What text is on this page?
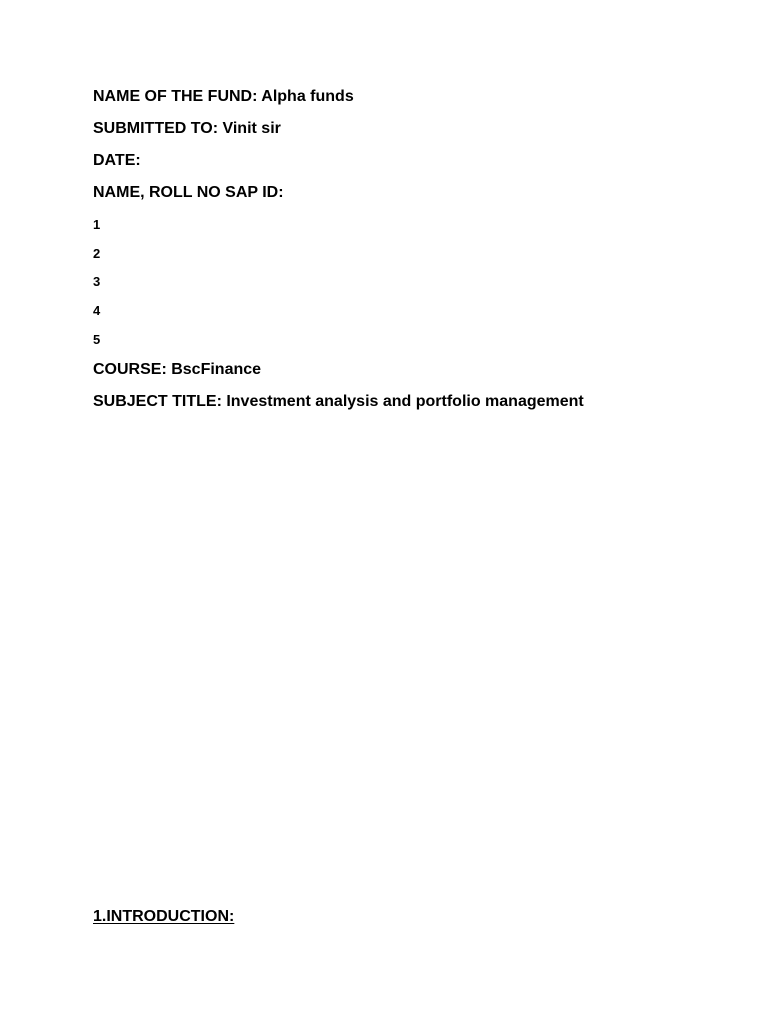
NAME OF THE FUND: Alpha funds
SUBMITTED TO: Vinit sir
DATE:
NAME, ROLL NO SAP ID:
1
2
3
4
5
COURSE: BscFinance
SUBJECT TITLE: Investment analysis and portfolio management
1.INTRODUCTION:
